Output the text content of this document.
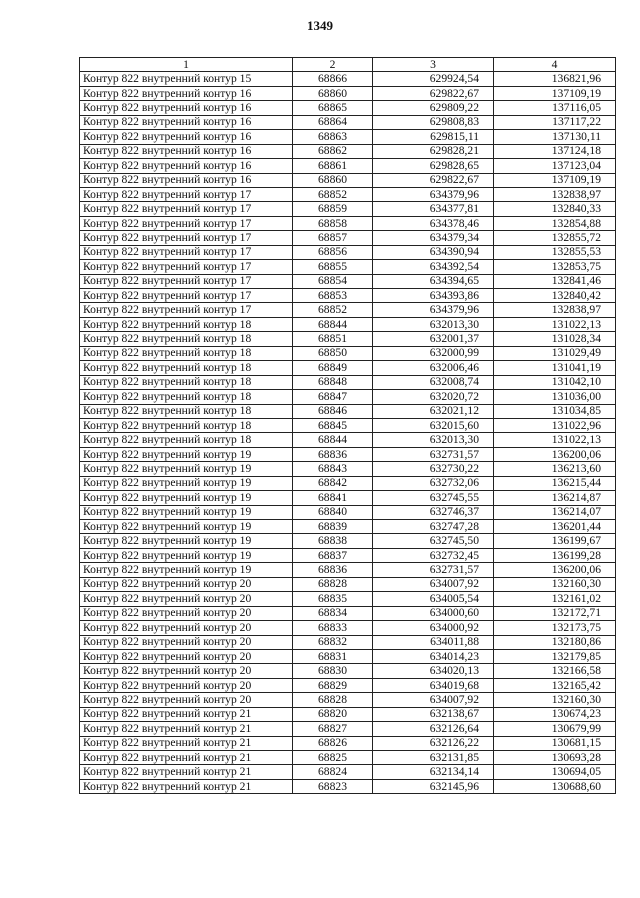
1349
1	2	3	4
Контур 822 внутренний контур 15	68866	629924,54	136821,96
Контур 822 внутренний контур 16	68860	629822,67	137109,19
Контур 822 внутренний контур 16	68865	629809,22	137116,05
Контур 822 внутренний контур 16	68864	629808,83	137117,22
Контур 822 внутренний контур 16	68863	629815,11	137130,11
Контур 822 внутренний контур 16	68862	629828,21	137124,18
Контур 822 внутренний контур 16	68861	629828,65	137123,04
Контур 822 внутренний контур 16	68860	629822,67	137109,19
Контур 822 внутренний контур 17	68852	634379,96	132838,97
Контур 822 внутренний контур 17	68859	634377,81	132840,33
Контур 822 внутренний контур 17	68858	634378,46	132854,88
Контур 822 внутренний контур 17	68857	634379,34	132855,72
Контур 822 внутренний контур 17	68856	634390,94	132855,53
Контур 822 внутренний контур 17	68855	634392,54	132853,75
Контур 822 внутренний контур 17	68854	634394,65	132841,46
Контур 822 внутренний контур 17	68853	634393,86	132840,42
Контур 822 внутренний контур 17	68852	634379,96	132838,97
Контур 822 внутренний контур 18	68844	632013,30	131022,13
Контур 822 внутренний контур 18	68851	632001,37	131028,34
Контур 822 внутренний контур 18	68850	632000,99	131029,49
Контур 822 внутренний контур 18	68849	632006,46	131041,19
Контур 822 внутренний контур 18	68848	632008,74	131042,10
Контур 822 внутренний контур 18	68847	632020,72	131036,00
Контур 822 внутренний контур 18	68846	632021,12	131034,85
Контур 822 внутренний контур 18	68845	632015,60	131022,96
Контур 822 внутренний контур 18	68844	632013,30	131022,13
Контур 822 внутренний контур 19	68836	632731,57	136200,06
Контур 822 внутренний контур 19	68843	632730,22	136213,60
Контур 822 внутренний контур 19	68842	632732,06	136215,44
Контур 822 внутренний контур 19	68841	632745,55	136214,87
Контур 822 внутренний контур 19	68840	632746,37	136214,07
Контур 822 внутренний контур 19	68839	632747,28	136201,44
Контур 822 внутренний контур 19	68838	632745,50	136199,67
Контур 822 внутренний контур 19	68837	632732,45	136199,28
Контур 822 внутренний контур 19	68836	632731,57	136200,06
Контур 822 внутренний контур 20	68828	634007,92	132160,30
Контур 822 внутренний контур 20	68835	634005,54	132161,02
Контур 822 внутренний контур 20	68834	634000,60	132172,71
Контур 822 внутренний контур 20	68833	634000,92	132173,75
Контур 822 внутренний контур 20	68832	634011,88	132180,86
Контур 822 внутренний контур 20	68831	634014,23	132179,85
Контур 822 внутренний контур 20	68830	634020,13	132166,58
Контур 822 внутренний контур 20	68829	634019,68	132165,42
Контур 822 внутренний контур 20	68828	634007,92	132160,30
Контур 822 внутренний контур 21	68820	632138,67	130674,23
Контур 822 внутренний контур 21	68827	632126,64	130679,99
Контур 822 внутренний контур 21	68826	632126,22	130681,15
Контур 822 внутренний контур 21	68825	632131,85	130693,28
Контур 822 внутренний контур 21	68824	632134,14	130694,05
Контур 822 внутренний контур 21	68823	632145,96	130688,60
